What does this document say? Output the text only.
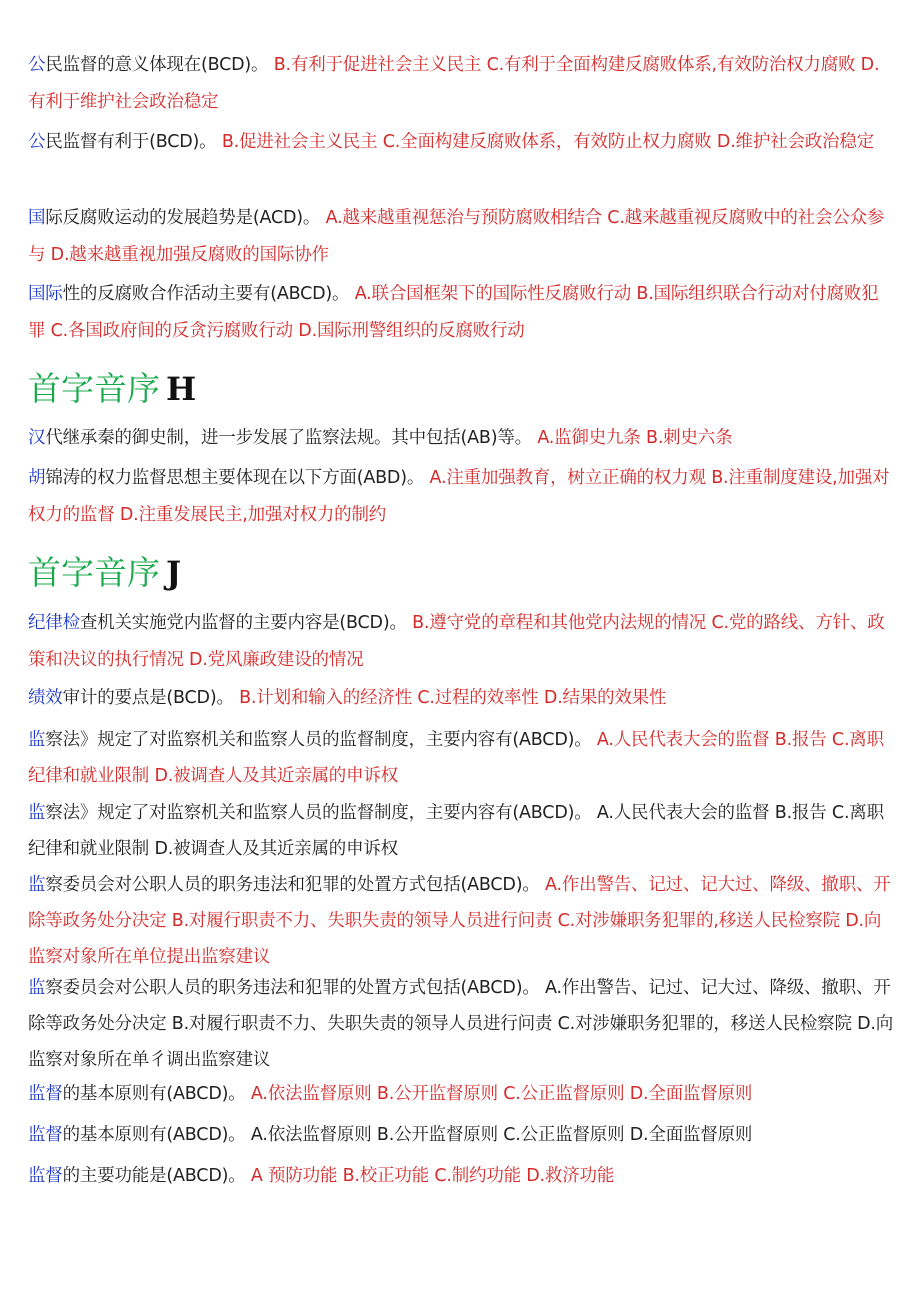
公民监督的意义体现在(BCD)。 B.有利于促进社会主义民主 C.有利于全面构建反腐败体系,有效防治权力腐败 D.有利于维护社会政治稳定
公民监督有利于(BCD)。 B.促进社会主义民主 C.全面构建反腐败体系，有效防止权力腐败 D.维护社会政治稳定
国际反腐败运动的发展趋势是(ACD)。 A.越来越重视惩治与预防腐败相结合 C.越来越重视反腐败中的社会公众参与 D.越来越重视加强反腐败的国际协作
国际性的反腐败合作活动主要有(ABCD)。 A.联合国框架下的国际性反腐败行动 B.国际组织联合行动对付腐败犯罪 C.各国政府间的反贪污腐败行动 D.国际刑警组织的反腐败行动
首字音序 H
汉代继承秦的御史制，进一步发展了监察法规。其中包括(AB)等。 A.监御史九条 B.刺史六条
胡锦涛的权力监督思想主要体现在以下方面(ABD)。 A.注重加强教育，树立正确的权力观 B.注重制度建设,加强对权力的监督 D.注重发展民主,加强对权力的制约
首字音序 J
纪律检查机关实施党内监督的主要内容是(BCD)。 B.遵守党的章程和其他党内法规的情况 C.党的路线、方针、政策和决议的执行情况 D.党风廉政建设的情况
绩效审计的要点是(BCD)。 B.计划和输入的经济性 C.过程的效率性 D.结果的效果性
监察法》规定了对监察机关和监察人员的监督制度，主要内容有(ABCD)。 A.人民代表大会的监督 B.报告 C.离职纪律和就业限制 D.被调查人及其近亲属的申诉权
监察法》规定了对监察机关和监察人员的监督制度，主要内容有(ABCD)。 A.人民代表大会的监督 B.报告 C.离职纪律和就业限制 D.被调查人及其近亲属的申诉权
监察委员会对公职人员的职务违法和犯罪的处置方式包括(ABCD)。 A.作出警告、记过、记大过、降级、撤职、开除等政务处分决定 B.对履行职责不力、失职失责的领导人员进行问责 C.对涉嫌职务犯罪的,移送人民检察院 D.向监察对象所在单位提出监察建议
监察委员会对公职人员的职务违法和犯罪的处置方式包括(ABCD)。 A.作出警告、记过、记大过、降级、撤职、开除等政务处分决定 B.对履行职责不力、失职失责的领导人员进行问责 C.对涉嫌职务犯罪的，移送人民检察院 D.向监察对象所在单彳调出监察建议
监督的基本原则有(ABCD)。 A.依法监督原则 B.公开监督原则 C.公正监督原则 D.全面监督原则
监督的基本原则有(ABCD)。 A.依法监督原则 B.公开监督原则 C.公正监督原则 D.全面监督原则
监督的主要功能是(ABCD)。 A 预防功能 B.校正功能 C.制约功能 D.救济功能
